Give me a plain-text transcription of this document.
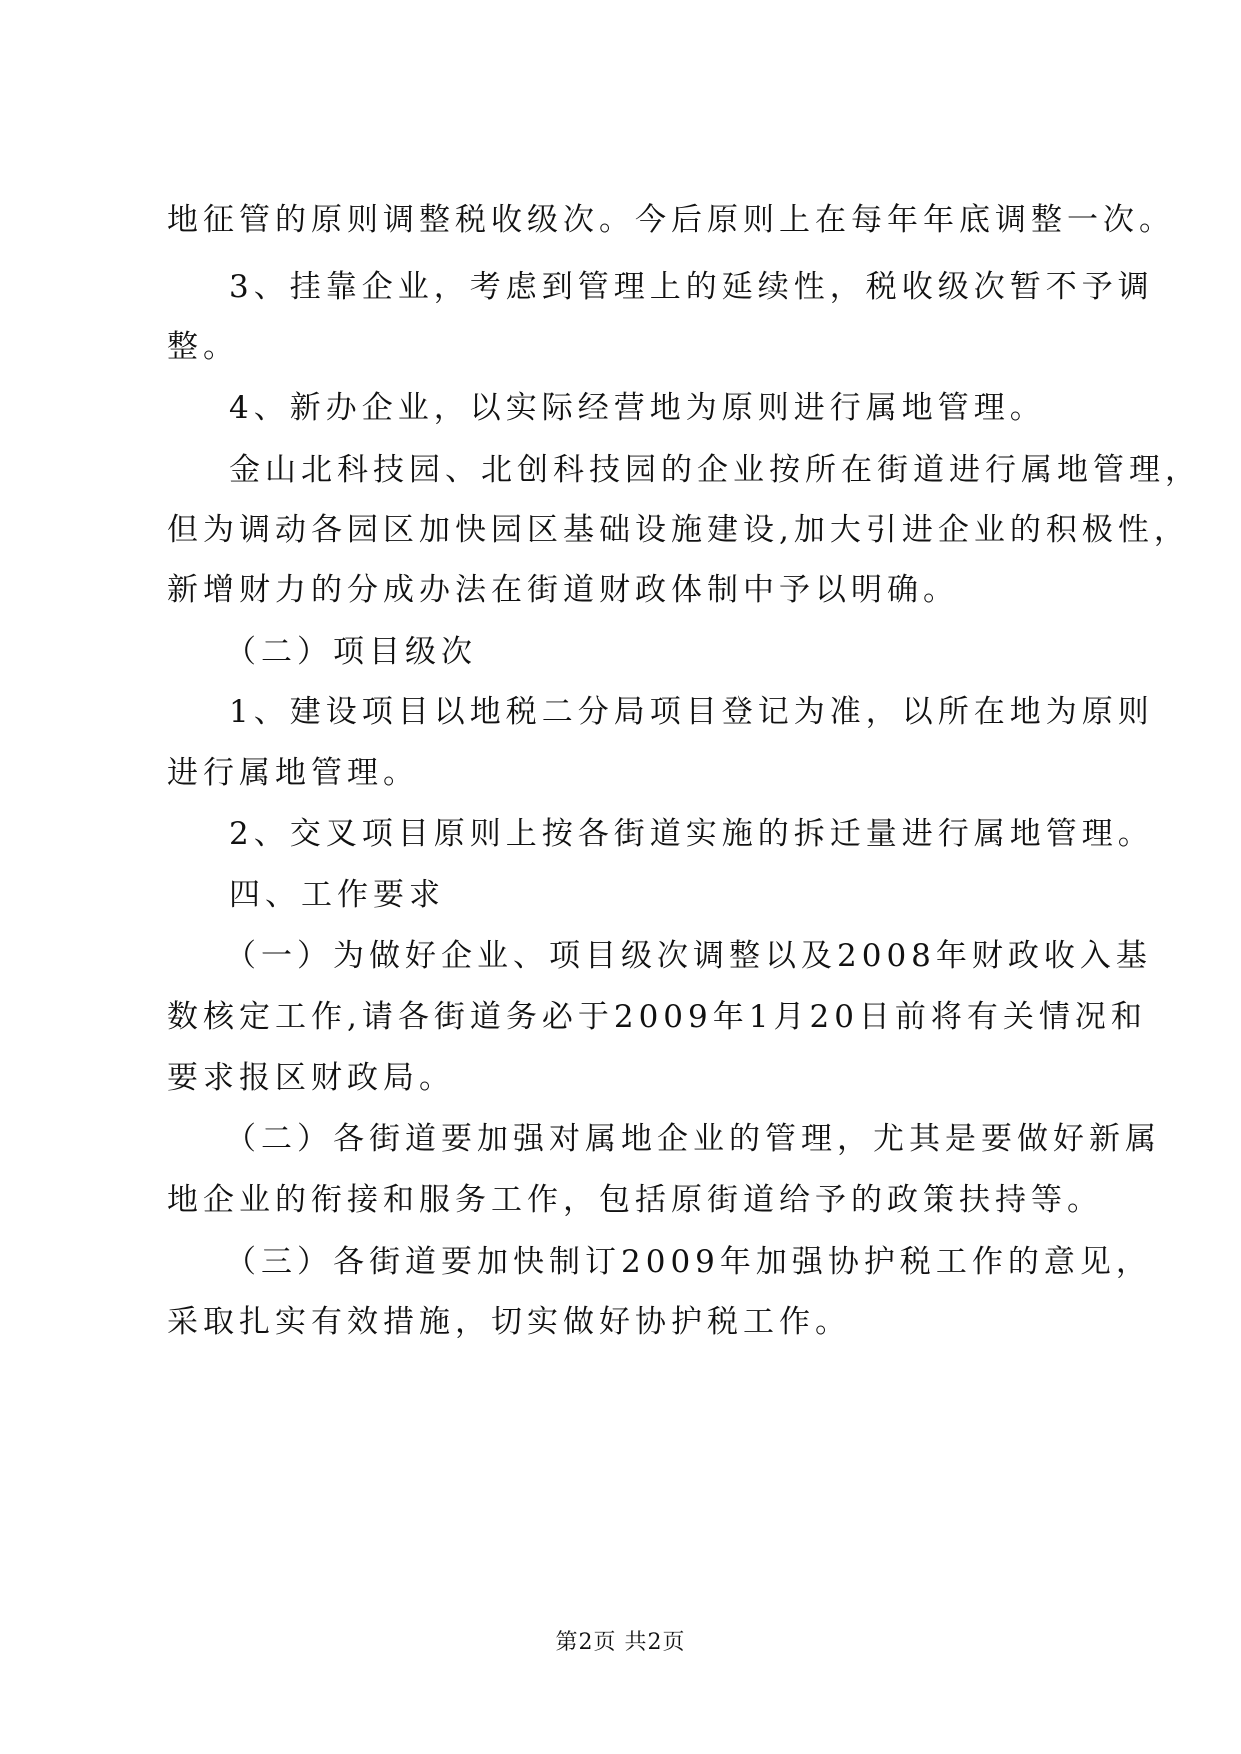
地征管的原则调整税收级次。今后原则上在每年年底调整一次。
3、挂靠企业，考虑到管理上的延续性，税收级次暂不予调
整。
4、新办企业，以实际经营地为原则进行属地管理。
金山北科技园、北创科技园的企业按所在街道进行属地管理，
但为调动各园区加快园区基础设施建设,加大引进企业的积极性，
新增财力的分成办法在街道财政体制中予以明确。
（二）项目级次
1、建设项目以地税二分局项目登记为准，以所在地为原则
进行属地管理。
2、交叉项目原则上按各街道实施的拆迁量进行属地管理。
四、工作要求
（一）为做好企业、项目级次调整以及2008年财政收入基
数核定工作,请各街道务必于2009年1月20日前将有关情况和
要求报区财政局。
（二）各街道要加强对属地企业的管理，尤其是要做好新属
地企业的衔接和服务工作，包括原街道给予的政策扶持等。
（三）各街道要加快制订2009年加强协护税工作的意见，
采取扎实有效措施，切实做好协护税工作。
第2页 共2页
